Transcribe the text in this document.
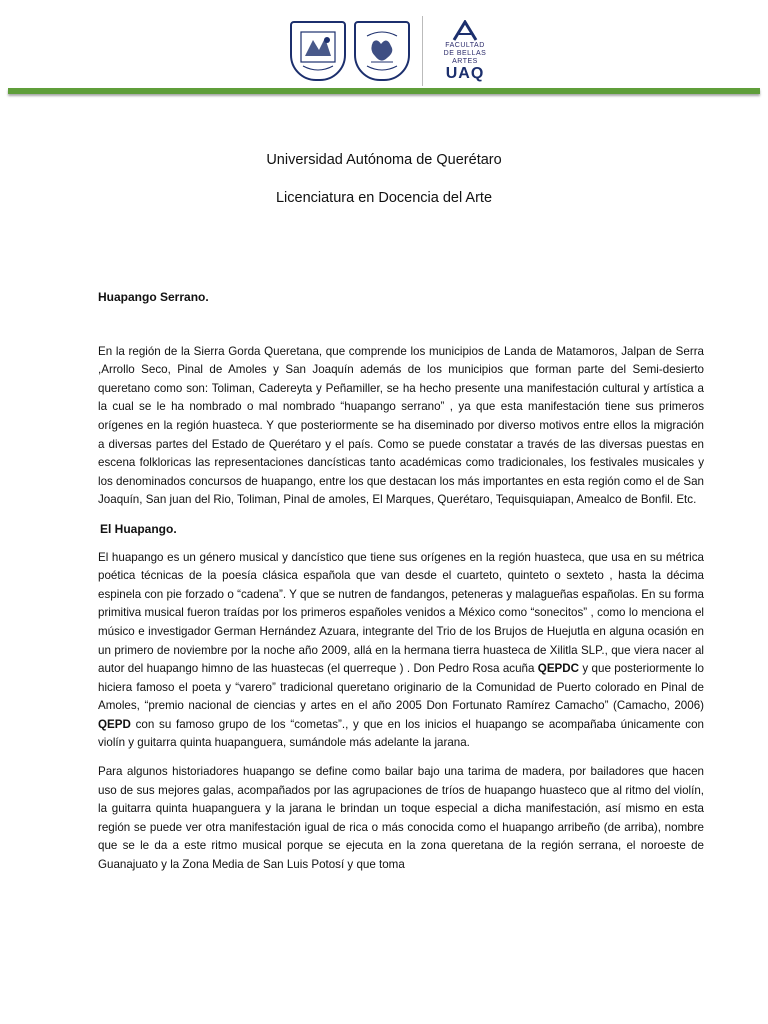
FACULTAD
DE BELLAS
ARTES
UAQ
Universidad Autónoma de Querétaro
Licenciatura en Docencia del Arte
Huapango Serrano.

En la región de la Sierra Gorda Queretana, que comprende los municipios de Landa de Matamoros, Jalpan de Serra ,Arrollo Seco, Pinal de Amoles y San Joaquín además de los municipios que forman parte del Semi-desierto queretano como son: Toliman, Cadereyta y Peñamiller, se ha hecho presente una manifestación cultural y artística a la cual se le ha nombrado o mal nombrado “huapango serrano” , ya que esta manifestación tiene sus primeros orígenes en la región huasteca. Y que posteriormente se ha diseminado por diverso motivos entre ellos la migración a diversas partes del Estado de Querétaro y el país. Como se puede constatar a través de las diversas puestas en escena folkloricas las representaciones dancísticas tanto académicas como tradicionales, los festivales musicales y los denominados concursos de huapango, entre los que destacan los más importantes en esta región como el de San Joaquín, San juan del Rio, Toliman, Pinal de amoles, El Marques, Querétaro, Tequisquiapan, Amealco de Bonfil. Etc.

El Huapango.

El huapango es un género musical y dancístico que tiene sus orígenes en la región huasteca, que usa en su métrica poética técnicas de la poesía clásica española que van desde el cuarteto, quinteto o sexteto , hasta la décima espinela con pie forzado o “cadena”. Y que se nutren de fandangos, peteneras y malagueñas españolas. En su forma primitiva musical fueron traídas por los primeros españoles venidos a México como “sonecitos” , como lo menciona el músico e investigador German Hernández Azuara, integrante del Trio de los Brujos de Huejutla en alguna ocasión en un primero de noviembre por la noche año 2009, allá en la hermana tierra huasteca de Xilitla SLP., que viera nacer al autor del huapango himno de las huastecas (el querreque ) . Don Pedro Rosa acuña QEPDC y que posteriormente lo hiciera famoso el poeta y “varero” tradicional queretano originario de la Comunidad de Puerto colorado en Pinal de Amoles, “premio nacional de ciencias y artes en el año 2005 Don Fortunato Ramírez Camacho” (Camacho, 2006) QEPD con su famoso grupo de los “cometas”., y que en los inicios el huapango se acompañaba únicamente con violín y guitarra quinta huapanguera, sumándole más adelante la jarana.

Para algunos historiadores huapango se define como bailar bajo una tarima de madera, por bailadores que hacen uso de sus mejores galas, acompañados por las agrupaciones de tríos de huapango huasteco que al ritmo del violín, la guitarra quinta huapanguera y la jarana le brindan un toque especial a dicha manifestación, así mismo en esta región se puede ver otra manifestación igual de rica o más conocida como el huapango arribeño (de arriba), nombre que se le da a este ritmo musical porque se ejecuta en la zona queretana de la región serrana, el noroeste de Guanajuato y la Zona Media de San Luis Potosí y que toma
